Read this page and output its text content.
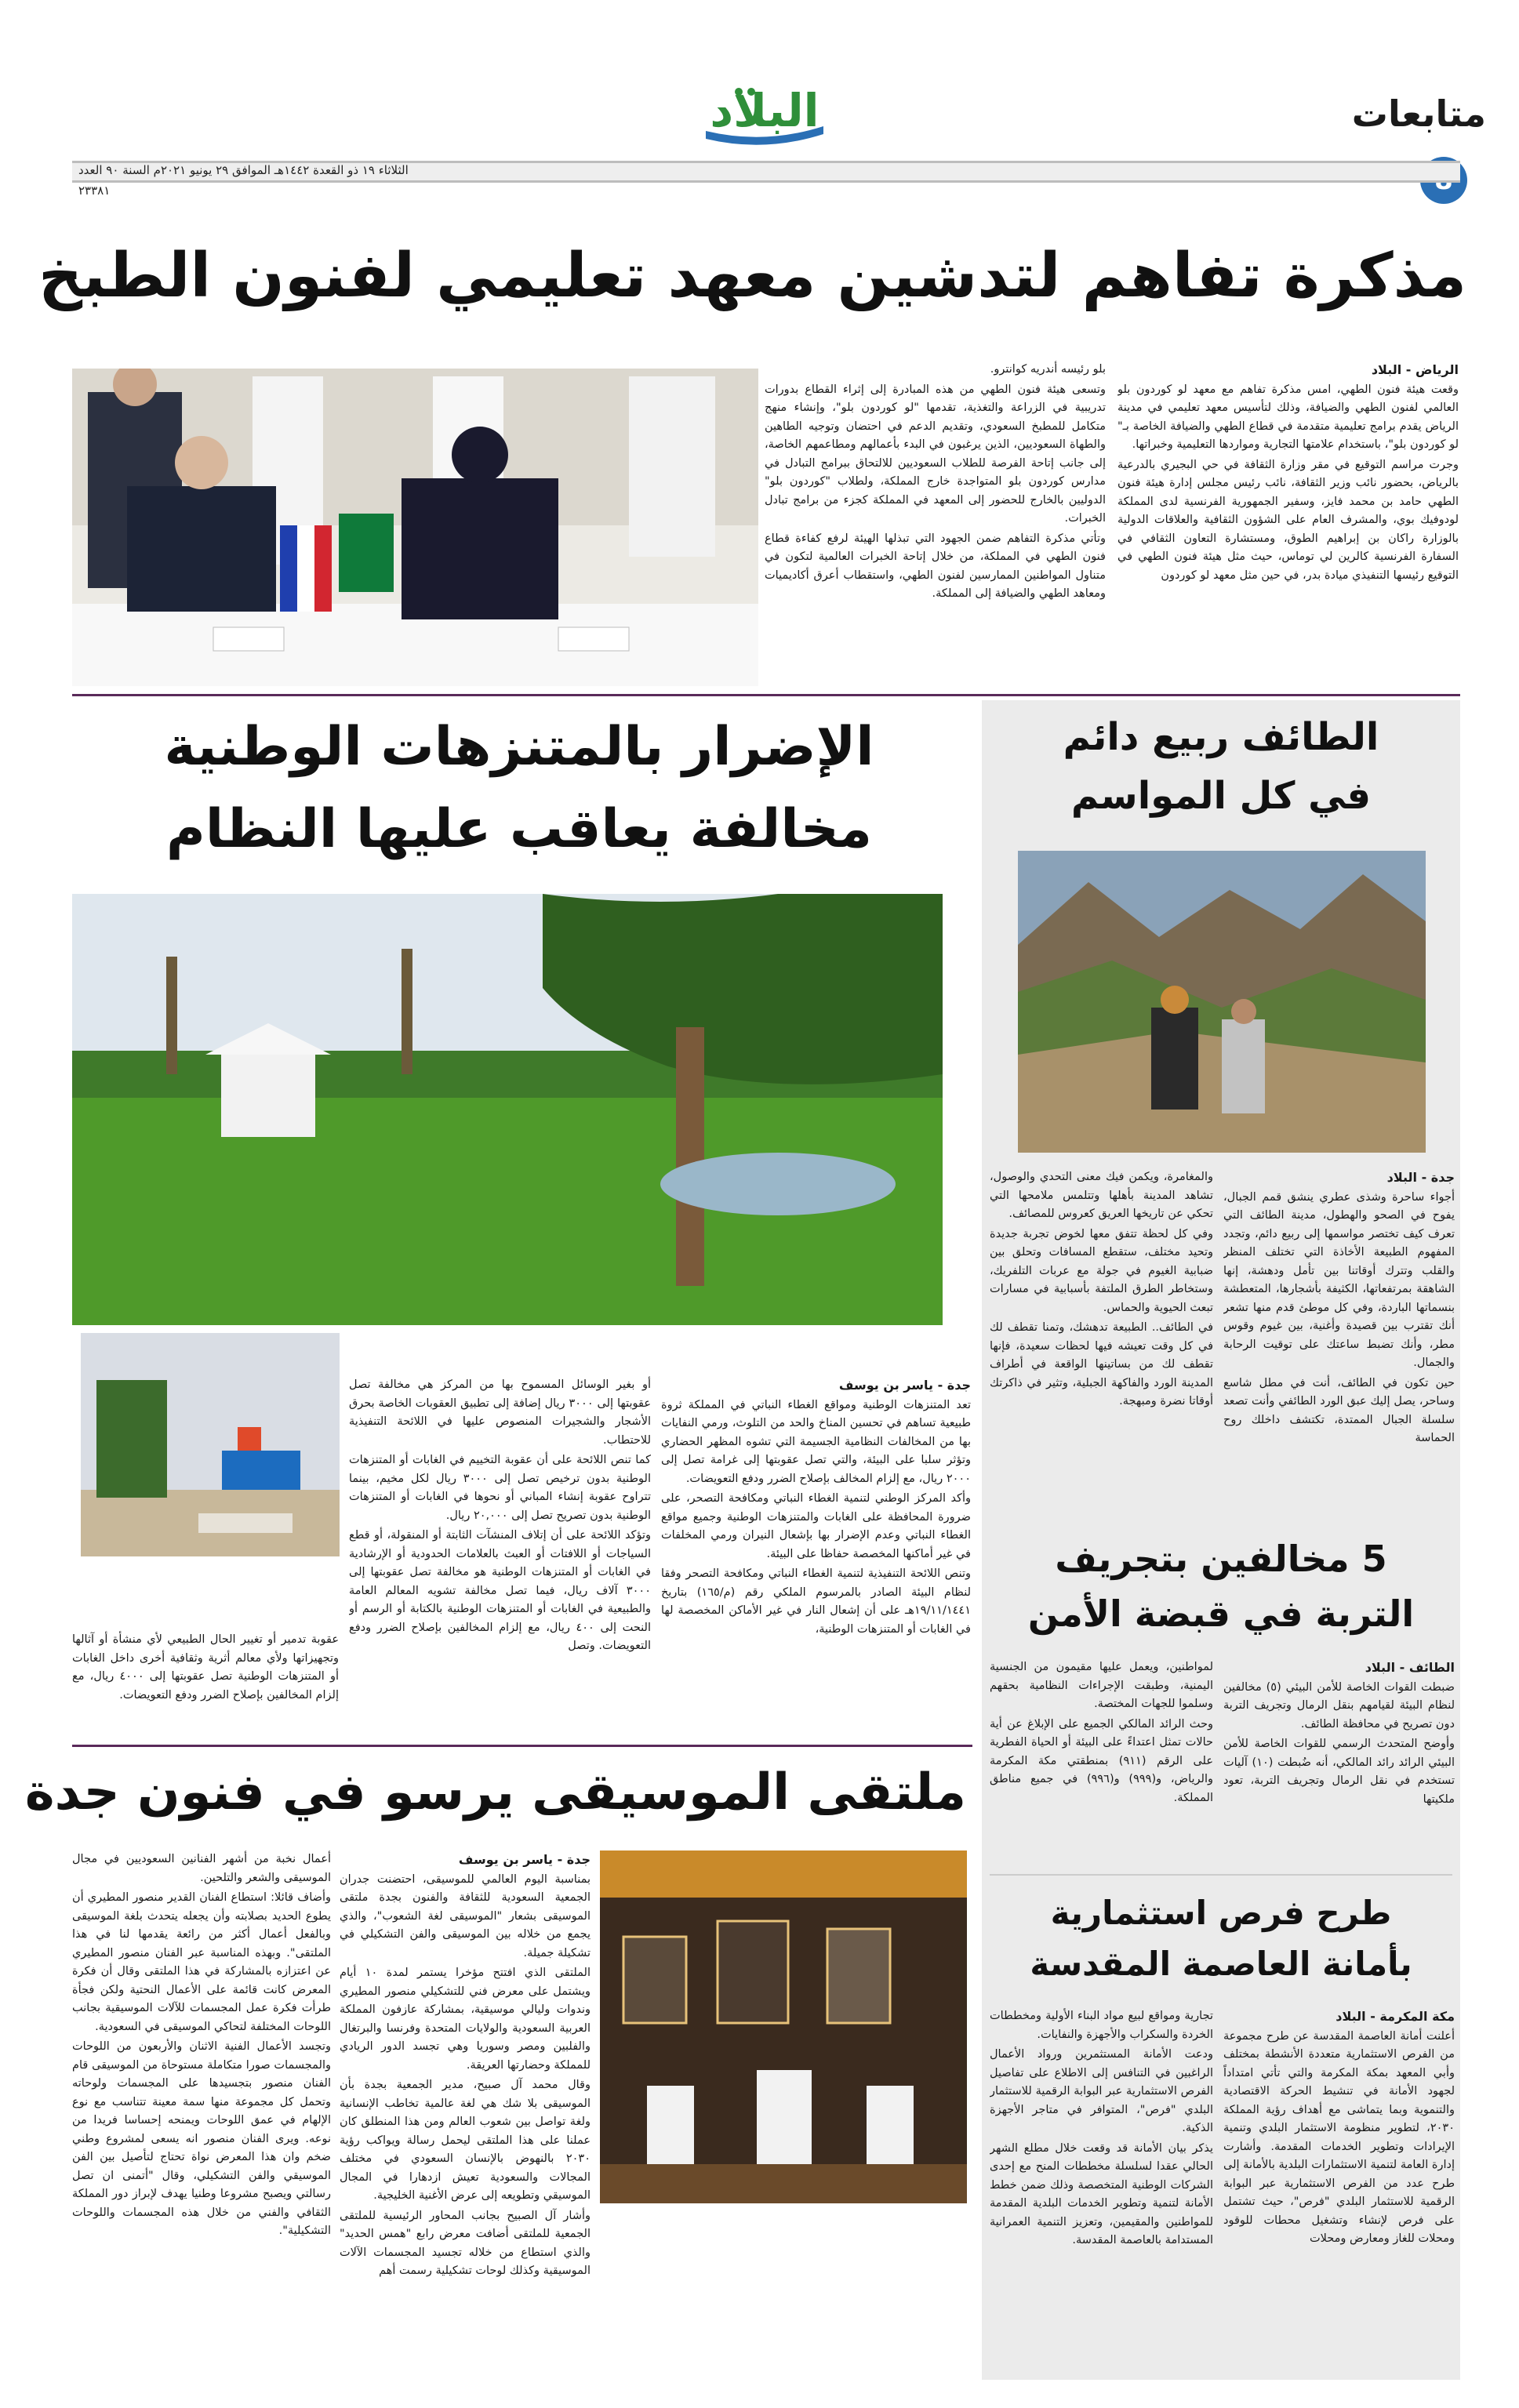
البلاد	متابعات
الثلاثاء ١٩ ذو القعدة ١٤٤٢هـ الموافق ٢٩ يونيو ٢٠٢١م السنة ٩٠ العدد ٢٣٣٨١
مذكرة تفاهم لتدشين معهد تعليمي لفنون الطبخ
الرياض - البلاد

وقعت هيئة فنون الطهي، امس مذكرة تفاهم مع معهد لو كوردون بلو العالمي لفنون الطهي والضيافة، وذلك لتأسيس معهد تعليمي في مدينة الرياض يقدم برامج تعليمية متقدمة في قطاع الطهي والضيافة الخاصة بـ" لو كوردون بلو"، باستخدام علامتها التجارية ومواردها التعليمية وخبراتها.

وجرت مراسم التوقيع في مقر وزارة الثقافة في حي البجيري بالدرعية بالرياض، بحضور نائب وزير الثقافة، نائب رئيس مجلس إدارة هيئة فنون الطهي حامد بن محمد فايز، وسفير الجمهورية الفرنسية لدى المملكة لودوفيك بوي، والمشرف العام على الشؤون الثقافية والعلاقات الدولية بالوزارة راكان بن إبراهيم الطوق، ومستشارة التعاون الثقافي في السفارة الفرنسية كالرين لي توماس، حيث مثل هيئة فنون الطهي في التوقيع رئيسها التنفيذي ميادة بدر، في حين مثل معهد لو كوردون

بلو رئيسه أندريه كوانترو.

وتسعى هيئة فنون الطهي من هذه المبادرة إلى إثراء القطاع بدورات تدريبية في الزراعة والتغذية، تقدمها "لو كوردون بلو"، وإنشاء منهج متكامل للمطبخ السعودي، وتقديم الدعم في احتضان وتوجيه الطاهين والطهاة السعوديين، الذين يرغبون في البدء بأعمالهم ومطاعمهم الخاصة، إلى جانب إتاحة الفرصة للطلاب السعوديين للالتحاق ببرامج التبادل في مدارس كوردون بلو المتواجدة خارج المملكة، ولطلاب "كوردون بلو" الدوليين بالخارج للحضور إلى المعهد في المملكة كجزء من برامج تبادل الخبرات.

وتأتي مذكرة التفاهم ضمن الجهود التي تبذلها الهيئة لرفع كفاءة قطاع فنون الطهي في المملكة، من خلال إتاحة الخبرات العالمية لتكون في متناول المواطنين الممارسين لفنون الطهي، واستقطاب أعرق أكاديميات ومعاهد الطهي والضيافة إلى المملكة.

الطائف ربيع دائم
في كل المواسم
جدة - البلاد

أجواء ساحرة وشذى عطري ينشق قمم الجبال، يفوح في الصحو والهطول، مدينة الطائف التي تعرف كيف تختصر مواسمها إلى ربيع دائم، وتجدد المفهوم الطبيعة الأخاذة التي تختلف المنظر والقلب وتترك أوقاتنا بين تأمل ودهشة، إنها الشاهقة بمرتفعاتها، الكثيفة بأشجارها، المتعطشة بنسماتها الباردة، وفي كل موطئ قدم منها تشعر أنك تقترب بين قصيدة وأغنية، بين غيوم وقوس مطر، وأنك تضبط ساعتك على توقيت الرحابة والجمال.

حين تكون في الطائف، أنت في مطل شاسع وساحر، يصل إليك عبق الورد الطائفي وأنت تصعد سلسلة الجبال الممتدة، تكتشف داخلك روح الحماسة

والمغامرة، ويكمن فيك معنى التحدي والوصول، تشاهد المدينة بأهلها وتتلمس ملامحها التي تحكي عن تاريخها العريق كعروس للمصائف.

وفي كل لحظة تتفق معها لخوض تجربة جديدة وتحيد مختلف، ستقطع المسافات وتحلق بين ضبابية الغيوم في جولة مع عربات التلفريك، وستخاطر الطرق الملتفة بأسبابية في مسارات تبعث الحيوية والحماس.

في الطائف.. الطبيعة تدهشك، وتمنا تقطف لك في كل وقت تعيشه فيها لحظات سعيدة، فإنها تقطف لك من بساتينها الواقعة في أطراف المدينة الورد والفاكهة الجبلية، وتثير في ذاكرتك أوقاتا نضرة ومبهجة.

5 مخالفين بتجريف
التربة في قبضة الأمن
الطائف - البلاد

ضبطت القوات الخاصة للأمن البيئي (٥) مخالفين لنظام البيئة لقيامهم بنقل الرمال وتجريف التربة دون تصريح في محافظة الطائف.

وأوضح المتحدث الرسمي للقوات الخاصة للأمن البيئي الرائد رائد المالكي، أنه ضُبطت (١٠) آليات تستخدم في نقل الرمال وتجريف التربة، تعود ملكيتها

لمواطنين، ويعمل عليها مقيمون من الجنسية اليمنية، وطبقت الإجراءات النظامية بحقهم وسلموا للجهات المختصة.

وحث الرائد المالكي الجميع على الإبلاغ عن أية حالات تمثل اعتداءً على البيئة أو الحياة الفطرية على الرقم (٩١١) بمنطقتي مكة المكرمة والرياض، و(٩٩٩) و(٩٩٦) في جميع مناطق المملكة.

طرح فرص استثمارية
بأمانة العاصمة المقدسة
مكة المكرمة - البلاد

أعلنت أمانة العاصمة المقدسة عن طرح مجموعة من الفرص الاستثمارية متعددة الأنشطة بمختلف وأبي المعهد بمكة المكرمة والتي تأتي امتداداً لجهود الأمانة في تنشيط الحركة الاقتصادية والتنموية وبما يتماشى مع أهداف رؤية المملكة ٢٠٣٠، لتطوير منظومة الاستثمار البلدي وتنمية الإيرادات وتطوير الخدمات المقدمة. وأشارت إدارة العامة لتنمية الاستثمارات البلدية بالأمانة إلى طرح عدد من الفرص الاستثمارية عبر البوابة الرقمية للاستثمار البلدي "فرص"، حيث تشتمل على فرص لإنشاء وتشغيل محطات للوقود ومحلات للغاز ومعارض ومحلات

تجارية ومواقع لبيع مواد البناء الأولية ومخططات الخردة والسكراب والأجهزة والنفايات.

ودعت الأمانة المستثمرين ورواد الأعمال الراغبين في التنافس إلى الاطلاع على تفاصيل الفرص الاستثمارية عبر البوابة الرقمية للاستثمار البلدي "فرص"، المتوافر في متاجر الأجهزة الذكية.

يذكر بيان الأمانة قد وقعت خلال مطلع الشهر الحالي عقدا لسلسلة مخططات المنح مع إحدى الشركات الوطنية المتخصصة وذلك ضمن خطط الأمانة لتنمية وتطوير الخدمات البلدية المقدمة للمواطنين والمقيمين، وتعزيز التنمية العمرانية المستدامة بالعاصمة المقدسة.

الإضرار بالمتنزهات الوطنية
مخالفة يعاقب عليها النظام
جدة - ياسر بن يوسف

تعد المتنزهات الوطنية ومواقع الغطاء النباتي في المملكة ثروة طبيعية تساهم في تحسين المناخ والحد من التلوث، ورمي النفايات بها من المخالفات النظامية الجسيمة التي تشوه المظهر الحضاري وتؤثر سلبا على البيئة، والتي تصل عقوبتها إلى غرامة تصل إلى ٢٠٠٠ ريال، مع إلزام المخالف بإصلاح الضرر ودفع التعويضات.

وأكد المركز الوطني لتنمية الغطاء النباتي ومكافحة التصحر، على ضرورة المحافظة على الغابات والمتنزهات الوطنية وجميع مواقع الغطاء النباتي وعدم الإضرار بها بإشعال النيران ورمي المخلفات في غير أماكنها المخصصة حفاظا على البيئة.

وتنص اللائحة التنفيذية لتنمية الغطاء النباتي ومكافحة التصحر وفقا لنظام البيئة الصادر بالمرسوم الملكي رقم (م/١٦٥) بتاريخ ١٩/١١/١٤٤١هـ على أن إشعال النار في غير الأماكن المخصصة لها في الغابات أو المتنزهات الوطنية،

أو بغير الوسائل المسموح بها من المركز هي مخالفة تصل عقوبتها إلى ٣٠٠٠ ريال إضافة إلى تطبيق العقوبات الخاصة بحرق الأشجار والشجيرات المنصوص عليها في اللائحة التنفيذية للاحتطاب.

كما تنص اللائحة على أن عقوبة التخييم في الغابات أو المتنزهات الوطنية بدون ترخيص تصل إلى ٣٠٠٠ ريال لكل مخيم، بينما تتراوح عقوبة إنشاء المباني أو نحوها في الغابات أو المتنزهات الوطنية بدون تصريح تصل إلى ٢٠,٠٠٠ ريال.

وتؤكد اللائحة على أن إتلاف المنشآت الثابتة أو المنقولة، أو قطع السياجات أو اللافتات أو العبث بالعلامات الحدودية أو الإرشادية في الغابات أو المتنزهات الوطنية هو مخالفة تصل عقوبتها إلى ٣٠٠٠ آلاف ريال، فيما تصل مخالفة تشويه المعالم العامة والطبيعية في الغابات أو المتنزهات الوطنية بالكتابة أو الرسم أو النحت إلى ٤٠٠ ريال، مع إلزام المخالفين بإصلاح الضرر ودفع التعويضات. وتصل

عقوبة تدمير أو تغيير الحال الطبيعي لأي منشأة أو آثالها وتجهيزاتها ولأي معالم أثرية وثقافية أخرى داخل الغابات أو المتنزهات الوطنية تصل عقوبتها إلى ٤٠٠٠ ريال، مع إلزام المخالفين بإصلاح الضرر ودفع التعويضات.

ملتقى الموسيقى يرسو في فنون جدة
جدة - ياسر بن يوسف

بمناسبة اليوم العالمي للموسيقى، احتضنت جدران الجمعية السعودية للثقافة والفنون بجدة ملتقى الموسيقى بشعار "الموسيقى لغة الشعوب"، والذي يجمع من خلاله بين الموسيقى والفن التشكيلي في تشكيلة جميلة.

الملتقى الذي افتتح مؤخرا يستمر لمدة ١٠ أيام ويشتمل على معرض فني للتشكيلي منصور المطيري وندوات وليالي موسيقية، بمشاركة عازفون المملكة العربية السعودية والولايات المتحدة وفرنسا والبرتغال والفلبين ومصر وسوريا وهي تجسد الدور الريادي للمملكة وحضارتها العريقة.

وقال محمد آل صبيح، مدير الجمعية بجدة بأن الموسيقى بلا شك هي لغة عالمية تخاطب الإنسانية ولغة تواصل بين شعوب العالم ومن هذا المنطلق كان عملنا على هذا الملتقى ليحمل رسالة ويواكب رؤية ٢٠٣٠ بالنهوض بالإنسان السعودي في مختلف المجالات والسعودية تعيش ازدهارا في المجال الموسيقي وتطويعه إلى عرض الأغنية الخليجية.

وأشار آل الصبيح بجانب المحاور الرئيسية للملتقى الجمعية للملتقى أضافت معرض رابع "همس الحديد" والذي استطاع من خلاله تجسيد المجسمات الآلات الموسيقية وكذلك لوحات تشكيلية رسمت أهم

أعمال نخبة من أشهر الفنانين السعوديين في مجال الموسيقى والشعر والتلحين.

وأضاف قائلا: استطاع الفنان القدير منصور المطيري أن يطوع الحديد بصلابته وأن يجعله يتحدث بلغة الموسيقى وبالفعل أعمال أكثر من رائعة يقدمها لنا في هذا الملتقى". وبهذه المناسبة عبر الفنان منصور المطيري عن اعتزازه بالمشاركة في هذا الملتقى وقال أن فكرة المعرض كانت قائمة على الأعمال النحتية ولكن فجأة طرأت فكرة عمل المجسمات للآلات الموسيقية بجانب اللوحات المختلفة لتحاكي الموسيقى في السعودية.

وتجسد الأعمال الفنية الاثنان والأربعون من اللوحات والمجسمات صورا متكاملة مستوحاة من الموسيقى قام الفنان منصور بتجسيدها على المجسمات ولوحاته وتحمل كل مجموعة منها سمة معينة تتناسب مع نوع الإلهام في عمق اللوحات ويمنحه إحساسا فريدا من نوعه. ويرى الفنان منصور انه يسعى لمشروع وطني ضخم وان هذا المعرض نواة تحتاج لتأصيل بين الفن الموسيقي والفن التشكيلي، وقال "أتمنى ان تصل رسالتي ويصبح مشروعا وطنيا يهدف لإبراز دور المملكة الثقافي والفني من خلال هذه المجسمات واللوحات التشكيلية".
